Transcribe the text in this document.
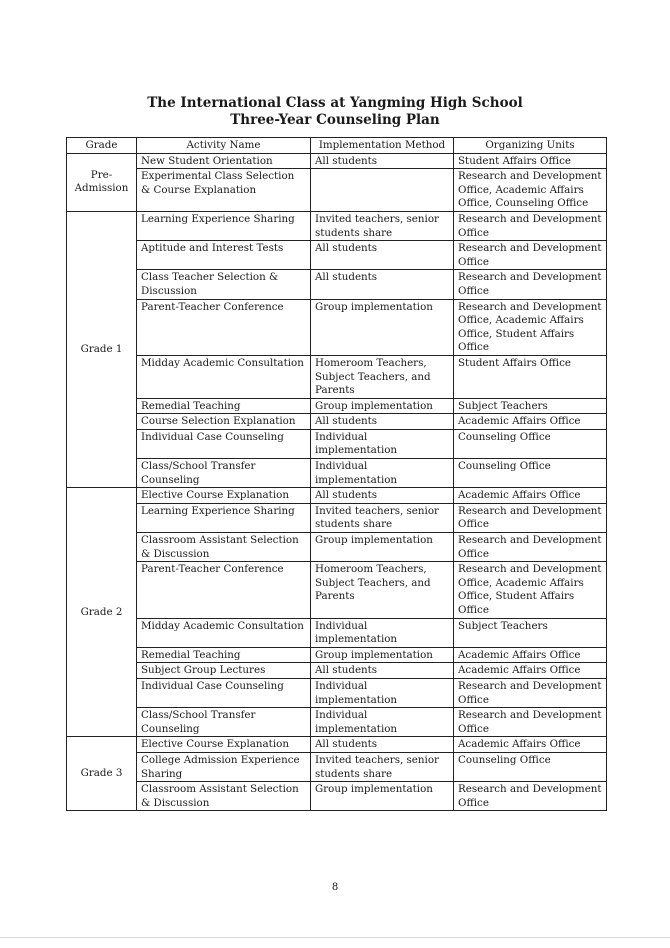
The International Class at Yangming High School
Three-Year Counseling Plan
Grade	Activity Name	Implementation Method	Organizing Units
Pre-
Admission	New Student Orientation	All students	Student Affairs Office
	Experimental Class Selection & Course Explanation		Research and Development Office, Academic Affairs Office, Counseling Office
Grade 1	Learning Experience Sharing	Invited teachers, senior students share	Research and Development Office
	Aptitude and Interest Tests	All students	Research and Development Office
	Class Teacher Selection & Discussion	All students	Research and Development Office
	Parent-Teacher Conference	Group implementation	Research and Development Office, Academic Affairs Office, Student Affairs Office
	Midday Academic Consultation	Homeroom Teachers, Subject Teachers, and Parents	Student Affairs Office
	Remedial Teaching	Group implementation	Subject Teachers
	Course Selection Explanation	All students	Academic Affairs Office
	Individual Case Counseling	Individual implementation	Counseling Office
	Class/School Transfer Counseling	Individual implementation	Counseling Office
Grade 2	Elective Course Explanation	All students	Academic Affairs Office
	Learning Experience Sharing	Invited teachers, senior students share	Research and Development Office
	Classroom Assistant Selection & Discussion	Group implementation	Research and Development Office
	Parent-Teacher Conference	Homeroom Teachers, Subject Teachers, and Parents	Research and Development Office, Academic Affairs Office, Student Affairs Office
	Midday Academic Consultation	Individual implementation	Subject Teachers
	Remedial Teaching	Group implementation	Academic Affairs Office
	Subject Group Lectures	All students	Academic Affairs Office
	Individual Case Counseling	Individual implementation	Research and Development Office
	Class/School Transfer Counseling	Individual implementation	Research and Development Office
Grade 3	Elective Course Explanation	All students	Academic Affairs Office
	College Admission Experience Sharing	Invited teachers, senior students share	Counseling Office
	Classroom Assistant Selection & Discussion	Group implementation	Research and Development Office
8
